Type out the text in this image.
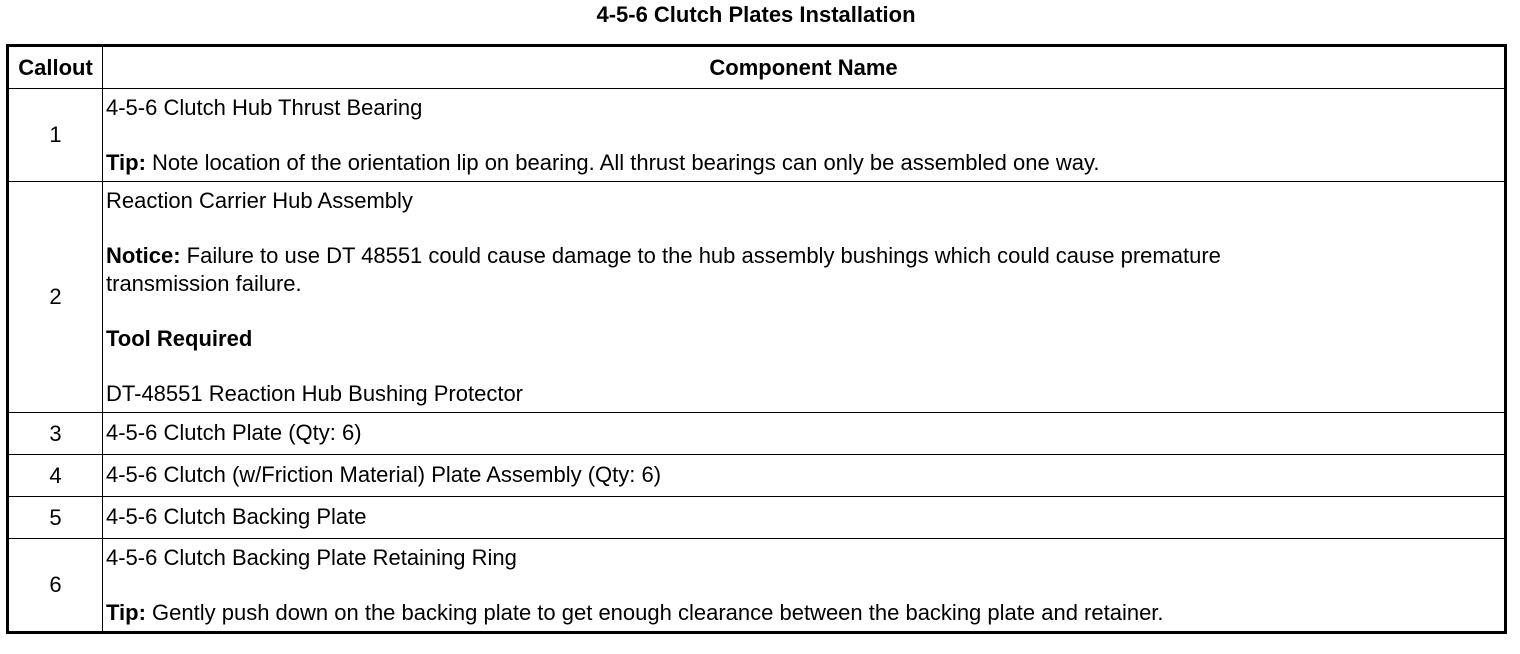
4-5-6 Clutch Plates Installation
Callout	Component Name
1	4-5-6 Clutch Hub Thrust Bearing

Tip: Note location of the orientation lip on bearing. All thrust bearings can only be assembled one way.

2	Reaction Carrier Hub Assembly

Notice: Failure to use DT 48551 could cause damage to the hub assembly bushings which could cause premature

transmission failure.

Tool Required

DT-48551 Reaction Hub Bushing Protector

3	4-5-6 Clutch Plate (Qty: 6)

4	4-5-6 Clutch (w/Friction Material) Plate Assembly (Qty: 6)

5	4-5-6 Clutch Backing Plate

6	4-5-6 Clutch Backing Plate Retaining Ring

Tip: Gently push down on the backing plate to get enough clearance between the backing plate and retainer.
